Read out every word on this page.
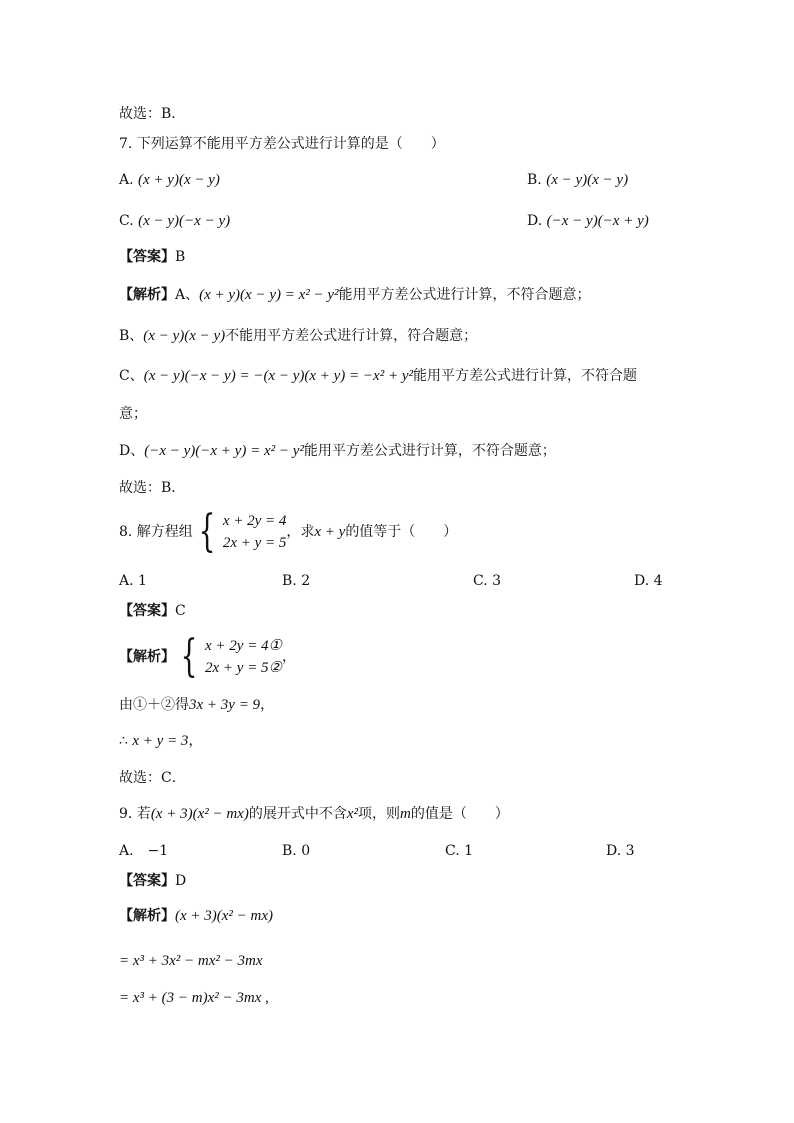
故选：B．
7. 下列运算不能用平方差公式进行计算的是（　　）
A. (x + y)(x − y)	B. (x − y)(x − y)
C. (x − y)(−x − y)	D. (−x − y)(−x + y)
【答案】B
【解析】A、(x + y)(x − y) = x² − y²能用平方差公式进行计算，不符合题意；
B、(x − y)(x − y)不能用平方差公式进行计算，符合题意；
C、(x − y)(−x − y) = −(x − y)(x + y) = −x² + y²能用平方差公式进行计算，不符合题
意；
D、(−x − y)(−x + y) = x² − y²能用平方差公式进行计算，不符合题意；
故选：B．
8. 解方程组 { x + 2y = 4
2x + y = 5
，求x + y的值等于（　　）
A. 1	B. 2	C. 3	D. 4
【答案】C
【解析】 { x + 2y = 4①
2x + y = 5②
，
由①＋②得3x + 3y = 9，
∴ x + y = 3，
故选：C．
9. 若(x + 3)(x² − mx)的展开式中不含x²项，则m的值是（　　）
A.　−1	B. 0	C. 1	D. 3
【答案】D
【解析】(x + 3)(x² − mx)
= x³ + 3x² − mx² − 3mx
= x³ + (3 − m)x² − 3mx ,
